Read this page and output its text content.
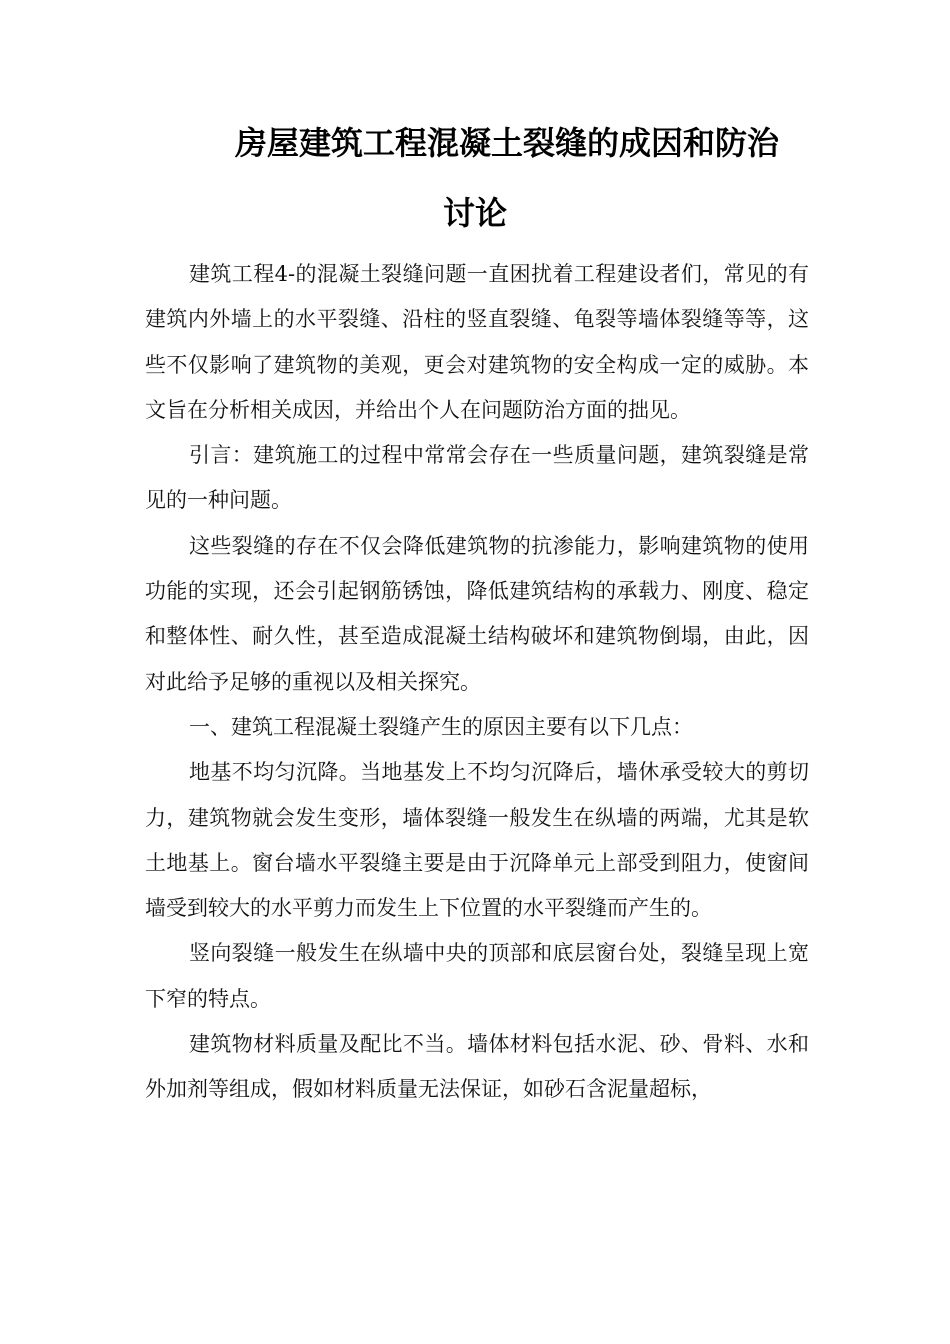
房屋建筑工程混凝土裂缝的成因和防治
讨论

建筑工程4-的混凝土裂缝问题一直困扰着工程建设者们，常见的有建筑内外墙上的水平裂缝、沿柱的竖直裂缝、龟裂等墙体裂缝等等，这些不仅影响了建筑物的美观，更会对建筑物的安全构成一定的威胁。本文旨在分析相关成因，并给出个人在问题防治方面的拙见。

引言：建筑施工的过程中常常会存在一些质量问题，建筑裂缝是常见的一种问题。

这些裂缝的存在不仅会降低建筑物的抗渗能力，影响建筑物的使用功能的实现，还会引起钢筋锈蚀，降低建筑结构的承载力、刚度、稳定和整体性、耐久性，甚至造成混凝土结构破坏和建筑物倒塌，由此，因对此给予足够的重视以及相关探究。

一、建筑工程混凝土裂缝产生的原因主要有以下几点：

地基不均匀沉降。当地基发上不均匀沉降后，墙休承受较大的剪切力，建筑物就会发生变形，墙体裂缝一般发生在纵墙的两端，尤其是软土地基上。窗台墙水平裂缝主要是由于沉降单元上部受到阻力，使窗间墙受到较大的水平剪力而发生上下位置的水平裂缝而产生的。

竖向裂缝一般发生在纵墙中央的顶部和底层窗台处，裂缝呈现上宽下窄的特点。

建筑物材料质量及配比不当。墙体材料包括水泥、砂、骨料、水和外加剂等组成，假如材料质量无法保证，如砂石含泥量超标，
